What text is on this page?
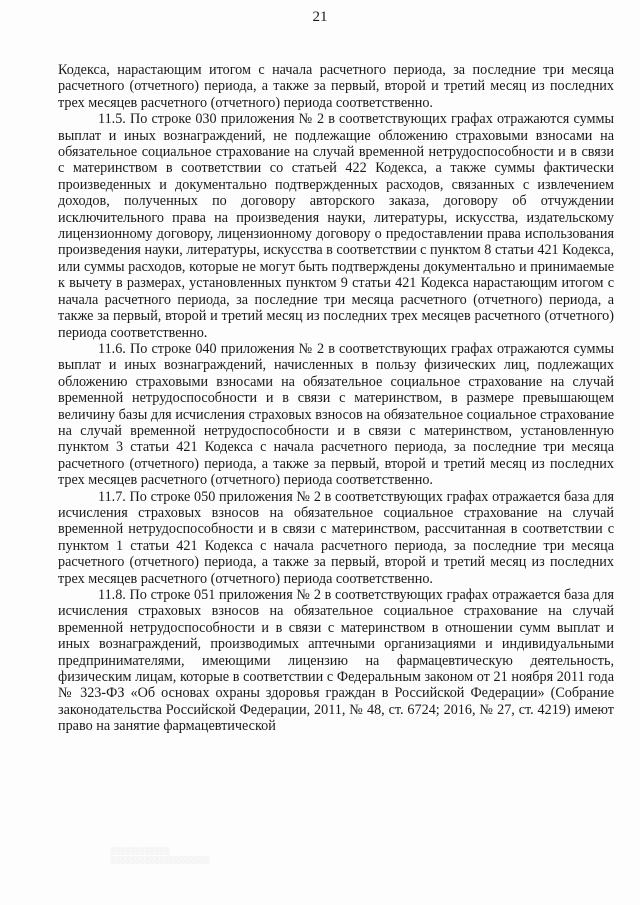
21

Кодекса, нарастающим итогом с начала расчетного периода, за последние три месяца расчетного (отчетного) периода, а также за первый, второй и третий месяц из последних трех месяцев расчетного (отчетного) периода соответственно.

11.5. По строке 030 приложения № 2 в соответствующих графах отражаются суммы выплат и иных вознаграждений, не подлежащие обложению страховыми взносами на обязательное социальное страхование на случай временной нетрудоспособности и в связи с материнством в соответствии со статьей 422 Кодекса, а также суммы фактически произведенных и документально подтвержденных расходов, связанных с извлечением доходов, полученных по договору авторского заказа, договору об отчуждении исключительного права на произведения науки, литературы, искусства, издательскому лицензионному договору, лицензионному договору о предоставлении права использования произведения науки, литературы, искусства в соответствии с пунктом 8 статьи 421 Кодекса, или суммы расходов, которые не могут быть подтверждены документально и принимаемые к вычету в размерах, установленных пунктом 9 статьи 421 Кодекса нарастающим итогом с начала расчетного периода, за последние три месяца расчетного (отчетного) периода, а также за первый, второй и третий месяц из последних трех месяцев расчетного (отчетного) периода соответственно.

11.6. По строке 040 приложения № 2 в соответствующих графах отражаются суммы выплат и иных вознаграждений, начисленных в пользу физических лиц, подлежащих обложению страховыми взносами на обязательное социальное страхование на случай временной нетрудоспособности и в связи с материнством, в размере превышающем величину базы для исчисления страховых взносов на обязательное социальное страхование на случай временной нетрудоспособности и в связи с материнством, установленную пунктом 3 статьи 421 Кодекса с начала расчетного периода, за последние три месяца расчетного (отчетного) периода, а также за первый, второй и третий месяц из последних трех месяцев расчетного (отчетного) периода соответственно.

11.7. По строке 050 приложения № 2 в соответствующих графах отражается база для исчисления страховых взносов на обязательное социальное страхование на случай временной нетрудоспособности и в связи с материнством, рассчитанная в соответствии с пунктом 1 статьи 421 Кодекса с начала расчетного периода, за последние три месяца расчетного (отчетного) периода, а также за первый, второй и третий месяц из последних трех месяцев расчетного (отчетного) периода соответственно.

11.8. По строке 051 приложения № 2 в соответствующих графах отражается база для исчисления страховых взносов на обязательное социальное страхование на случай временной нетрудоспособности и в связи с материнством в отношении сумм выплат и иных вознаграждений, производимых аптечными организациями и индивидуальными предпринимателями, имеющими лицензию на фармацевтическую деятельность, физическим лицам, которые в соответствии с Федеральным законом от 21 ноября 2011 года № 323-ФЗ «Об основах охраны здоровья граждан в Российской Федерации» (Собрание законодательства Российской Федерации, 2011, № 48, ст. 6724; 2016, № 27, ст. 4219) имеют право на занятие фармацевтической

░░░░░░░░░░░░
░░░░░░░░░░░░░░░░░░░░
